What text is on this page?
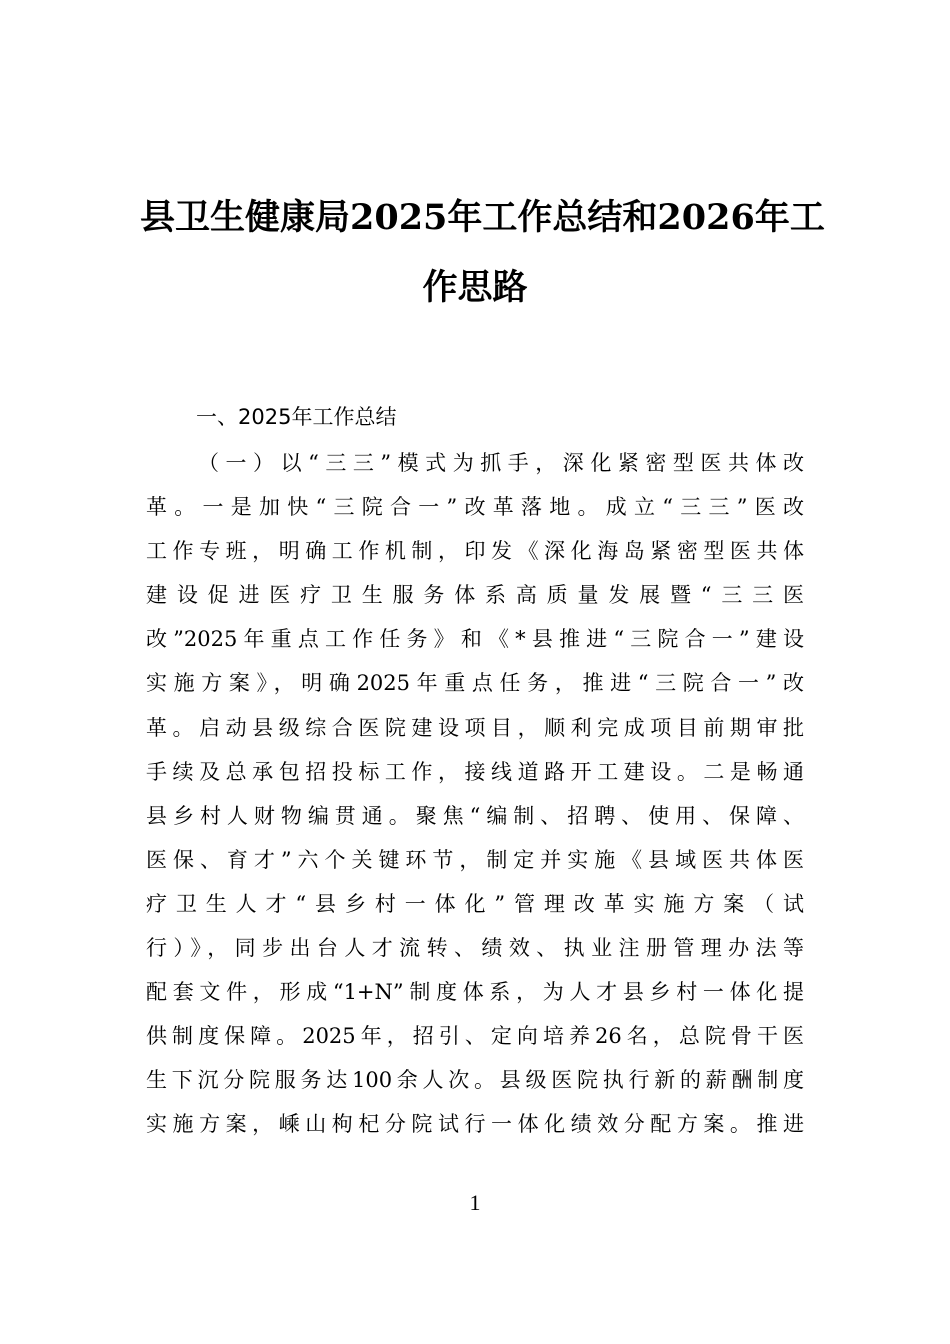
县卫生健康局2025年工作总结和2026年工
作思路
一、2025年工作总结
（一）以“三三”模式为抓手，深化紧密型医共体改
革。一是加快“三院合一”改革落地。成立“三三”医改
工作专班，明确工作机制，印发《深化海岛紧密型医共体
建设促进医疗卫生服务体系高质量发展暨“三三医
改”2025年重点工作任务》和《*县推进“三院合一”建设
实施方案》，明确2025年重点任务，推进“三院合一”改
革。启动县级综合医院建设项目，顺利完成项目前期审批
手续及总承包招投标工作，接线道路开工建设。二是畅通
县乡村人财物编贯通。聚焦“编制、招聘、使用、保障、
医保、育才”六个关键环节，制定并实施《县域医共体医
疗卫生人才“县乡村一体化”管理改革实施方案（试
行）》，同步出台人才流转、绩效、执业注册管理办法等
配套文件，形成“1+N”制度体系，为人才县乡村一体化提
供制度保障。2025年，招引、定向培养26名，总院骨干医
生下沉分院服务达100余人次。县级医院执行新的薪酬制度
实施方案，嵊山枸杞分院试行一体化绩效分配方案。推进
1
